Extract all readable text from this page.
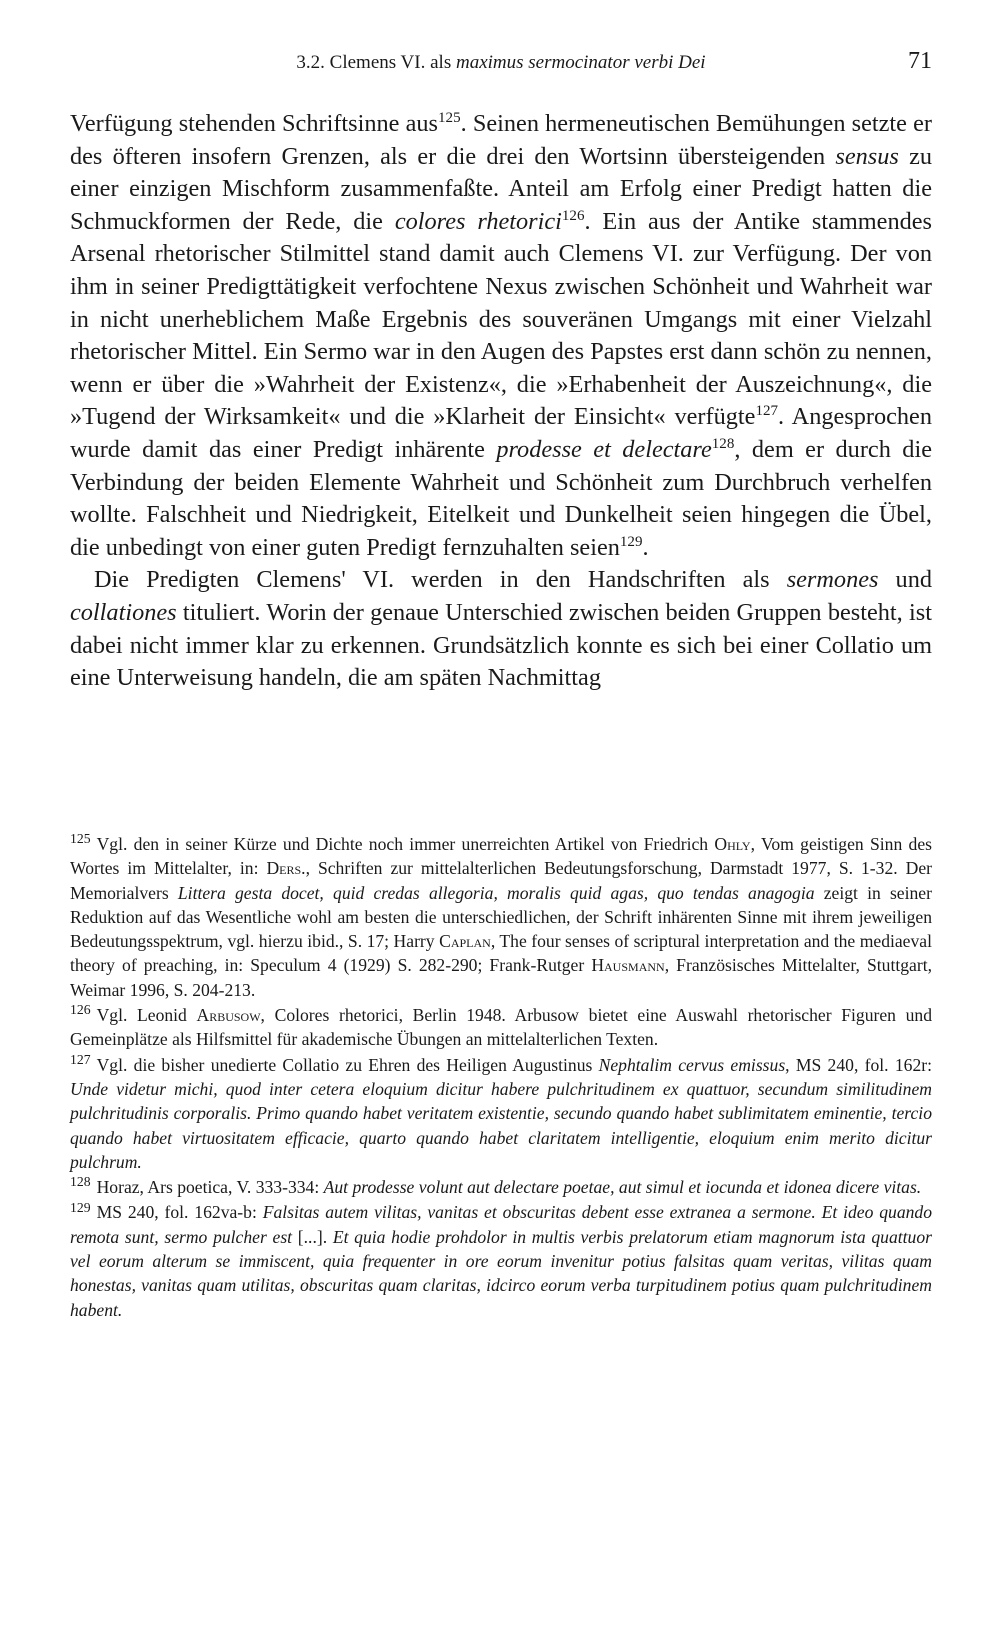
3.2. Clemens VI. als maximus sermocinator verbi Dei	71

Verfügung stehenden Schriftsinne aus$^{125}$. Seinen hermeneutischen Bemühungen setzte er des öfteren insofern Grenzen, als er die drei den Wortsinn übersteigenden sensus zu einer einzigen Mischform zusammenfaßte. Anteil am Erfolg einer Predigt hatten die Schmuckformen der Rede, die colores rhetorici$^{126}$. Ein aus der Antike stammendes Arsenal rhetorischer Stilmittel stand damit auch Clemens VI. zur Verfügung. Der von ihm in seiner Predigttätigkeit verfochtene Nexus zwischen Schönheit und Wahrheit war in nicht unerheblichem Maße Ergebnis des souveränen Umgangs mit einer Vielzahl rhetorischer Mittel. Ein Sermo war in den Augen des Papstes erst dann schön zu nennen, wenn er über die »Wahrheit der Existenz«, die »Erhabenheit der Auszeichnung«, die »Tugend der Wirksamkeit« und die »Klarheit der Einsicht« verfügte$^{127}$. Angesprochen wurde damit das einer Predigt inhärente prodesse et delectare$^{128}$, dem er durch die Verbindung der beiden Elemente Wahrheit und Schönheit zum Durchbruch verhelfen wollte. Falschheit und Niedrigkeit, Eitelkeit und Dunkelheit seien hingegen die Übel, die unbedingt von einer guten Predigt fernzuhalten seien$^{129}$.

Die Predigten Clemens' VI. werden in den Handschriften als sermones und collationes tituliert. Worin der genaue Unterschied zwischen beiden Gruppen besteht, ist dabei nicht immer klar zu erkennen. Grundsätzlich konnte es sich bei einer Collatio um eine Unterweisung handeln, die am späten Nachmittag

$^{125}$ Vgl. den in seiner Kürze und Dichte noch immer unerreichten Artikel von Friedrich Ohly, Vom geistigen Sinn des Wortes im Mittelalter, in: Ders., Schriften zur mittelalterlichen Bedeutungsforschung, Darmstadt 1977, S. 1-32. Der Memorialvers Littera gesta docet, quid credas allegoria, moralis quid agas, quo tendas anagogia zeigt in seiner Reduktion auf das Wesentliche wohl am besten die unterschiedlichen, der Schrift inhärenten Sinne mit ihrem jeweiligen Bedeutungsspektrum, vgl. hierzu ibid., S. 17; Harry Caplan, The four senses of scriptural interpretation and the mediaeval theory of preaching, in: Speculum 4 (1929) S. 282-290; Frank-Rutger Hausmann, Französisches Mittelalter, Stuttgart, Weimar 1996, S. 204-213.

$^{126}$ Vgl. Leonid Arbusow, Colores rhetorici, Berlin 1948. Arbusow bietet eine Auswahl rhetorischer Figuren und Gemeinplätze als Hilfsmittel für akademische Übungen an mittelalterlichen Texten.

$^{127}$ Vgl. die bisher unedierte Collatio zu Ehren des Heiligen Augustinus Nephtalim cervus emissus, MS 240, fol. 162r: Unde videtur michi, quod inter cetera eloquium dicitur habere pulchritudinem ex quattuor, secundum similitudinem pulchritudinis corporalis. Primo quando habet veritatem existentie, secundo quando habet sublimitatem eminentie, tercio quando habet virtuositatem efficacie, quarto quando habet claritatem intelligentie, eloquium enim merito dicitur pulchrum.

$^{128}$ Horaz, Ars poetica, V. 333-334: Aut prodesse volunt aut delectare poetae, aut simul et iocunda et idonea dicere vitas.

$^{129}$ MS 240, fol. 162va-b: Falsitas autem vilitas, vanitas et obscuritas debent esse extranea a sermone. Et ideo quando remota sunt, sermo pulcher est [...]. Et quia hodie prohdolor in multis verbis prelatorum etiam magnorum ista quattuor vel eorum alterum se immiscent, quia frequenter in ore eorum invenitur potius falsitas quam veritas, vilitas quam honestas, vanitas quam utilitas, obscuritas quam claritas, idcirco eorum verba turpitudinem potius quam pulchritudinem habent.
